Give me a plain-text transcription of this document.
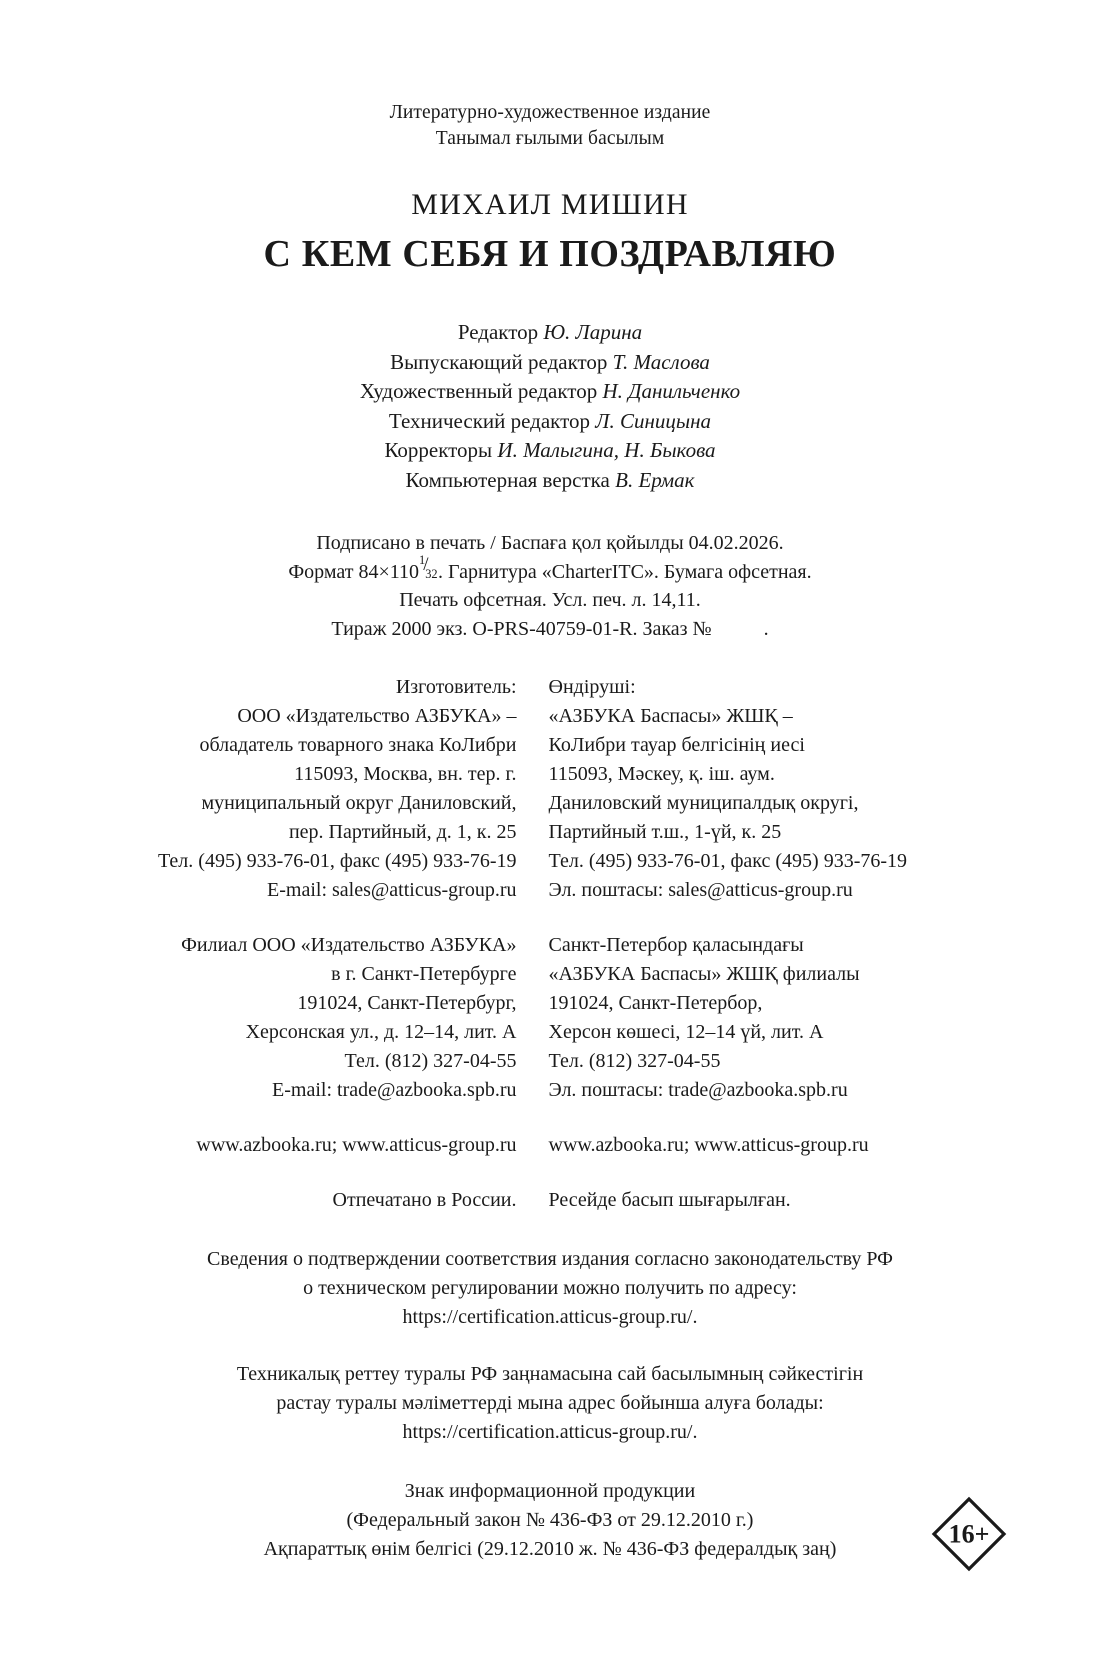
Литературно-художественное издание
Танымал ғылыми басылым
МИХАИЛ МИШИН
С КЕМ СЕБЯ И ПОЗДРАВЛЯЮ
Редактор Ю. Ларина
Выпускающий редактор Т. Маслова
Художественный редактор Н. Данильченко
Технический редактор Л. Синицына
Корректоры И. Малыгина, Н. Быкова
Компьютерная верстка В. Ермак
Подписано в печать / Баспаға қол қойылды 04.02.2026.
Формат 84×110
1
/
32 . Гарнитура «CharterITC». Бумага офсетная.
Печать офсетная. Усл. печ. л. 14,11.
Тираж 2000 экз. O-PRS-40759-01-R. Заказ №	.
Изготовитель:
ООО «Издательство АЗБУКА» –
обладатель товарного знака КоЛибри
115093, Москва, вн. тер. г.
муниципальный округ Даниловский,
пер. Партийный, д. 1, к. 25
Тел. (495) 933-76-01, факс (495) 933-76-19
E-mail: sales@atticus-group.ru
Филиал ООО «Издательство АЗБУКА»
в г. Санкт-Петербурге
191024, Санкт-Петербург,
Херсонская ул., д. 12–14, лит. А
Тел. (812) 327-04-55
E-mail: trade@azbooka.spb.ru
www.azbooka.ru; www.atticus-group.ru
Отпечатано в России.
Өндіруші:
«АЗБУКА Баспасы» ЖШҚ –
КоЛибри тауар белгісінің иесі
115093, Мәскеу, қ. іш. аум.
Даниловский муниципалдық округі,
Партийный т.ш., 1-үй, к. 25
Тел. (495) 933-76-01, факс (495) 933-76-19
Эл. поштасы: sales@atticus-group.ru
Санкт-Петербор қаласындағы
«АЗБУКА Баспасы» ЖШҚ филиалы
191024, Санкт-Петербор,
Херсон көшесі, 12–14 үй, лит. А
Тел. (812) 327-04-55
Эл. поштасы: trade@azbooka.spb.ru
www.azbooka.ru; www.atticus-group.ru
Ресейде басып шығарылған.
Сведения о подтверждении соответствия издания согласно законодательству РФ
о техническом регулировании можно получить по адресу:
https://certification.atticus-group.ru/.
Техникалық реттеу туралы РФ заңнамасына сай басылымның сәйкестігін
растау туралы мәліметтерді мына адрес бойынша алуға болады:
https://certification.atticus-group.ru/.
Знак информационной продукции
(Федеральный закон № 436-ФЗ от 29.12.2010 г.)
Ақпараттық өнім белгісі (29.12.2010 ж. № 436-ФЗ федералдық заң)
16+
